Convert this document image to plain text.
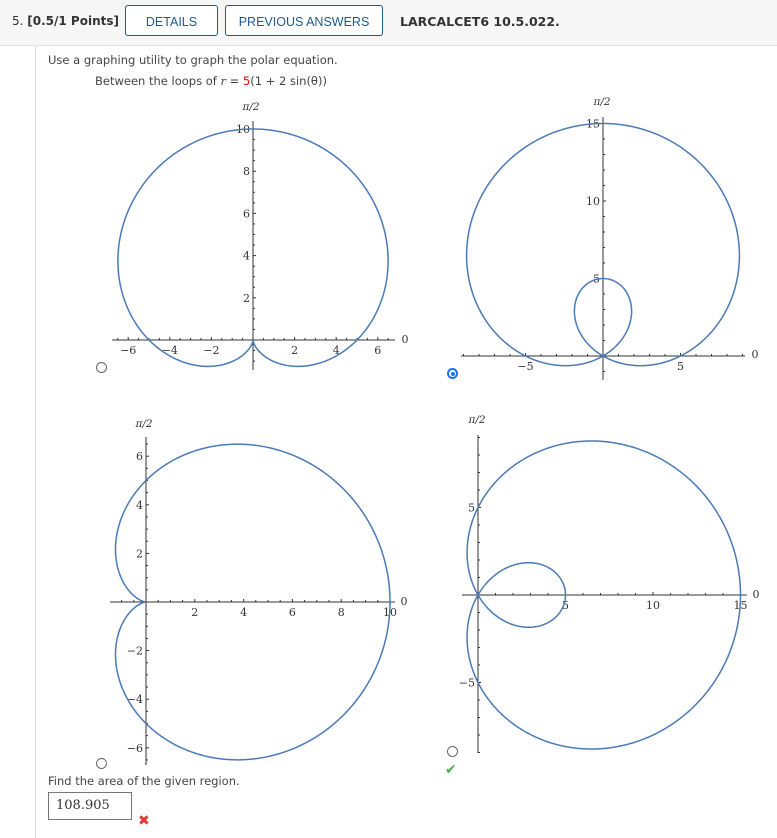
5. [0.5/1 Points]	DETAILS	PREVIOUS ANSWERS	LARCALCET6 10.5.022.
Use a graphing utility to graph the polar equation.
Between the loops of r = 5(1 + 2 sin(θ))
−6 −4 −2	2	4	6
2
4
6
8
10
π/2
0
−5	5
5
10
15
π/2
0
2	4	6	8	10
−6
−4
−2
2
4
6
π/2
0	5	10	15
−5
5
π/2
0
✔
Find the area of the given region.
108.905
✖
